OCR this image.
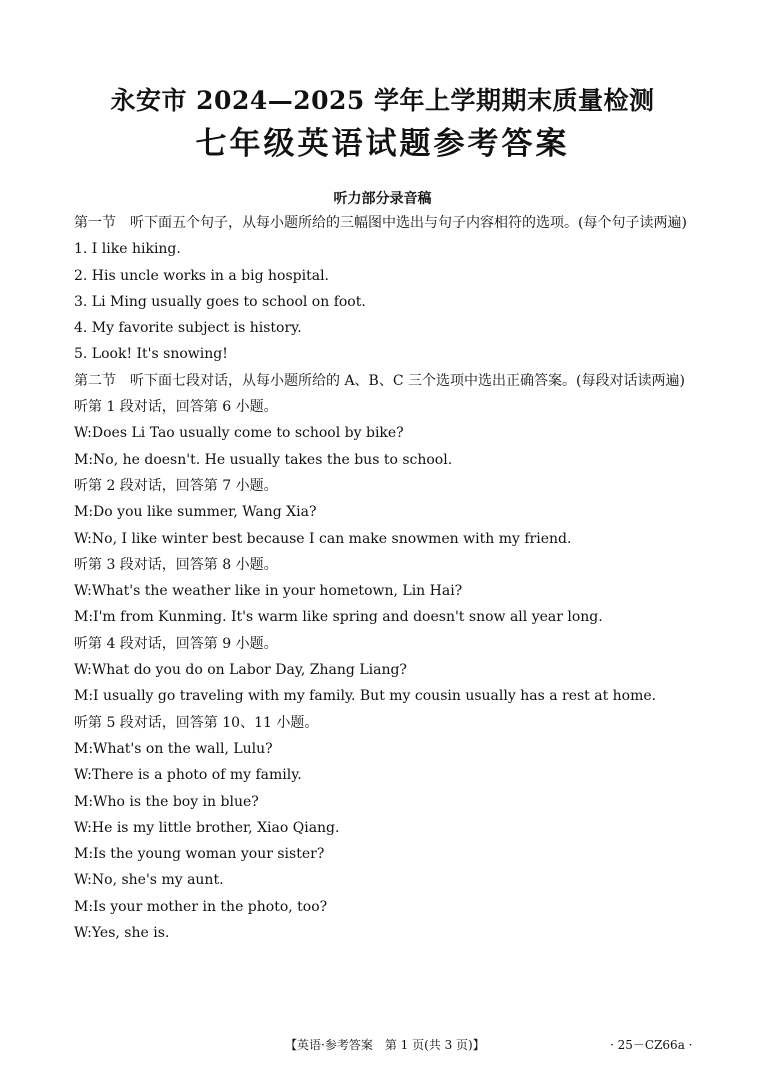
永安市 2024—2025 学年上学期期末质量检测
七年级英语试题参考答案
听力部分录音稿
第一节　听下面五个句子，从每小题所给的三幅图中选出与句子内容相符的选项。(每个句子读两遍)
1. I like hiking.
2. His uncle works in a big hospital.
3. Li Ming usually goes to school on foot.
4. My favorite subject is history.
5. Look! It's snowing!
第二节　听下面七段对话，从每小题所给的 A、B、C 三个选项中选出正确答案。(每段对话读两遍)
听第 1 段对话，回答第 6 小题。
W:Does Li Tao usually come to school by bike?
M:No, he doesn't. He usually takes the bus to school.
听第 2 段对话，回答第 7 小题。
M:Do you like summer, Wang Xia?
W:No, I like winter best because I can make snowmen with my friend.
听第 3 段对话，回答第 8 小题。
W:What's the weather like in your hometown, Lin Hai?
M:I'm from Kunming. It's warm like spring and doesn't snow all year long.
听第 4 段对话，回答第 9 小题。
W:What do you do on Labor Day, Zhang Liang?
M:I usually go traveling with my family. But my cousin usually has a rest at home.
听第 5 段对话，回答第 10、11 小题。
M:What's on the wall, Lulu?
W:There is a photo of my family.
M:Who is the boy in blue?
W:He is my little brother, Xiao Qiang.
M:Is the young woman your sister?
W:No, she's my aunt.
M:Is your mother in the photo, too?
W:Yes, she is.
【英语·参考答案　第 1 页(共 3 页)】	· 25－CZ66a ·
